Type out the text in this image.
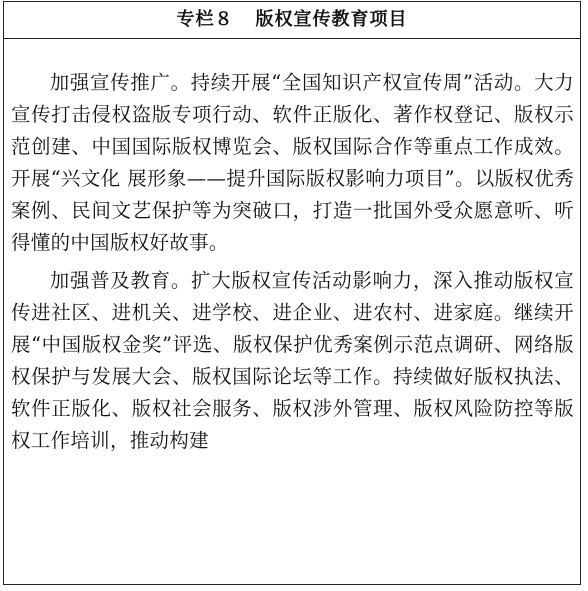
专栏８ 版权宣传教育项目

加强宣传推广。持续开展“全国知识产权宣传周”活动。大力宣传打击侵权盗版专项行动、软件正版化、著作权登记、版权示范创建、中国国际版权博览会、版权国际合作等重点工作成效。开展“兴文化 展形象——提升国际版权影响力项目”。以版权优秀案例、民间文艺保护等为突破口，打造一批国外受众愿意听、听得懂的中国版权好故事。

加强普及教育。扩大版权宣传活动影响力，深入推动版权宣传进社区、进机关、进学校、进企业、进农村、进家庭。继续开展“中国版权金奖”评选、版权保护优秀案例示范点调研、网络版权保护与发展大会、版权国际论坛等工作。持续做好版权执法、软件正版化、版权社会服务、版权涉外管理、版权风险防控等版权工作培训，推动构建
